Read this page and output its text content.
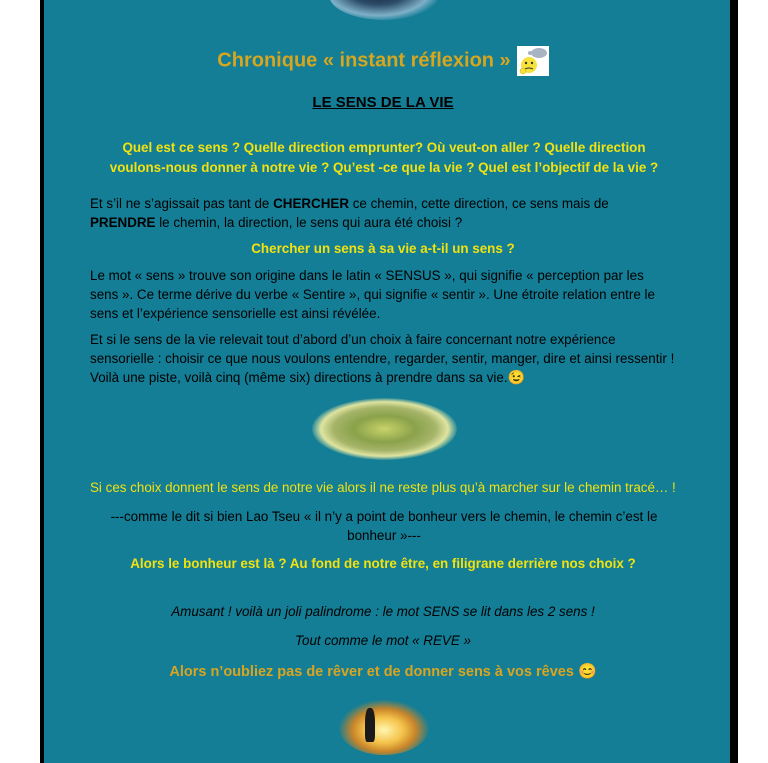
Chronique « instant réflexion »
LE SENS DE LA VIE
Quel est ce sens ? Quelle direction emprunter? Où veut-on aller ? Quelle direction voulons-nous donner à notre vie ? Qu’est -ce que la vie ? Quel est l’objectif de la vie ?
Et s’il ne s’agissait pas tant de CHERCHER ce chemin, cette direction, ce sens mais de PRENDRE le chemin, la direction, le sens qui aura été choisi ?
Chercher un sens à sa vie a-t-il un sens ?
Le mot « sens » trouve son origine dans le latin « SENSUS », qui signifie « perception par les sens ». Ce terme dérive du verbe « Sentire », qui signifie « sentir ». Une étroite relation entre le sens et l’expérience sensorielle est ainsi révélée.
Et si le sens de la vie relevait tout d’abord d’un choix à faire concernant notre expérience sensorielle : choisir ce que nous voulons entendre, regarder, sentir, manger, dire et ainsi ressentir ! Voilà une piste, voilà cinq (même six) directions à prendre dans sa vie.😉
Si ces choix donnent le sens de notre vie alors il ne reste plus qu’à marcher sur le chemin tracé… !
---comme le dit si bien Lao Tseu « il n’y a point de bonheur vers le chemin, le chemin c’est le bonheur »---
Alors le bonheur est là ? Au fond de notre être, en filigrane derrière nos choix ?
Amusant ! voilà un joli palindrome : le mot SENS se lit dans les 2 sens !
Tout comme le mot « REVE »
Alors n’oubliez pas de rêver et de donner sens à vos rêves 😊
